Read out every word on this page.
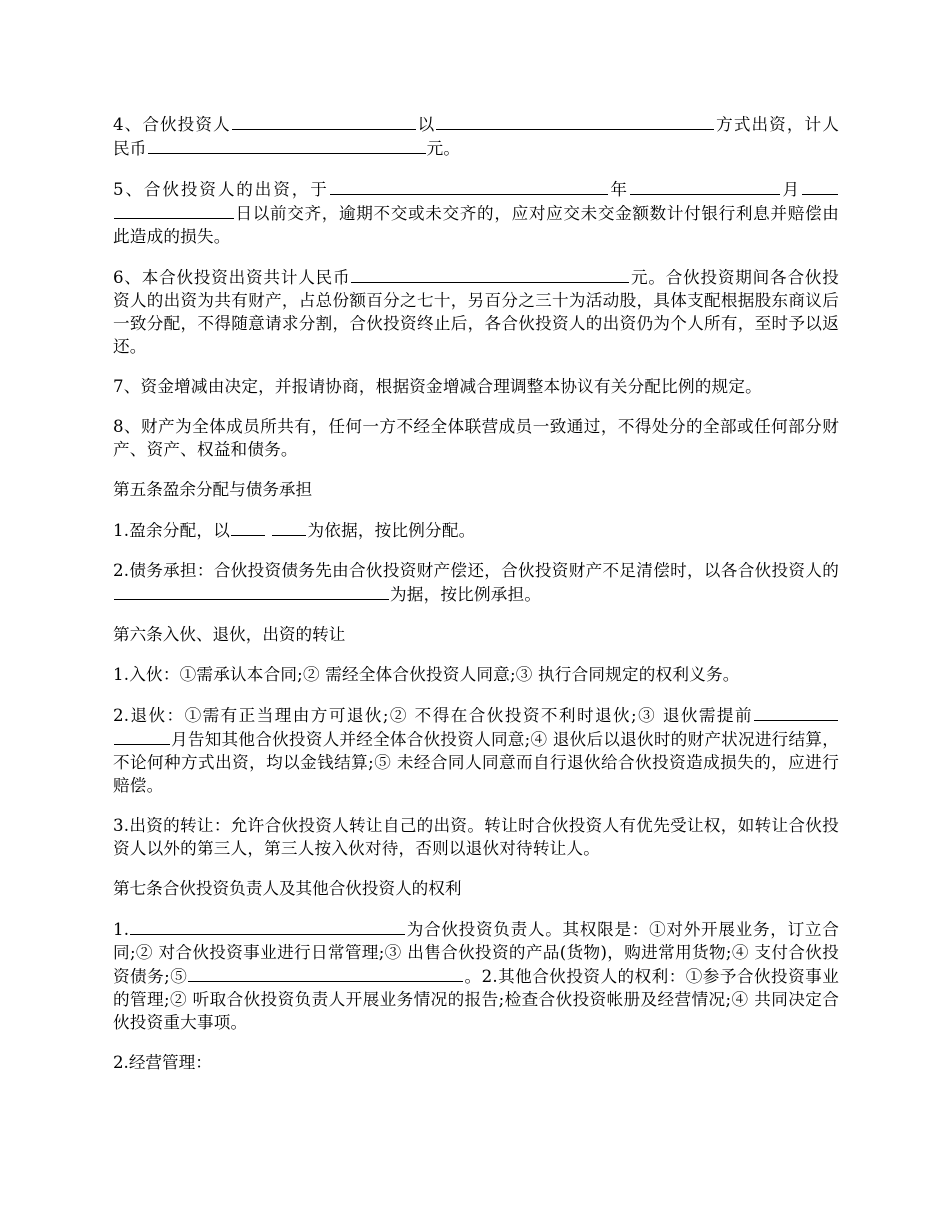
4、合伙投资人	以	方式出资，计人民币	元。

5、合伙投资人的出资，于	年	月日以前交齐，逾期不交或未交齐的，应对应交未交金额数计付银行利息并赔偿由此造成的损失。

6、本合伙投资出资共计人民币	元。合伙投资期间各合伙投资人的出资为共有财产，占总份额百分之七十，另百分之三十为活动股，具体支配根据股东商议后一致分配，不得随意请求分割，合伙投资终止后，各合伙投资人的出资仍为个人所有，至时予以返还。

7、资金增减由决定，并报请协商，根据资金增减合理调整本协议有关分配比例的规定。

8、财产为全体成员所共有，任何一方不经全体联营成员一致通过，不得处分的全部或任何部分财产、资产、权益和债务。

第五条盈余分配与债务承担

1.盈余分配，以	为依据，按比例分配。

2.债务承担：合伙投资债务先由合伙投资财产偿还，合伙投资财产不足清偿时，以各合伙投资人的为据，按比例承担。

第六条入伙、退伙，出资的转让

1.入伙：①需承认本合同;② 需经全体合伙投资人同意;③ 执行合同规定的权利义务。

2.退伙：①需有正当理由方可退伙;② 不得在合伙投资不利时退伙;③ 退伙需提前月告知其他合伙投资人并经全体合伙投资人同意;④ 退伙后以退伙时的财产状况进行结算，不论何种方式出资，均以金钱结算;⑤ 未经合同人同意而自行退伙给合伙投资造成损失的，应进行赔偿。

3.出资的转让：允许合伙投资人转让自己的出资。转让时合伙投资人有优先受让权，如转让合伙投资人以外的第三人，第三人按入伙对待，否则以退伙对待转让人。

第七条合伙投资负责人及其他合伙投资人的权利

1.	为合伙投资负责人。其权限是：①对外开展业务，订立合同;② 对合伙投资事业进行日常管理;③ 出售合伙投资的产品(货物)，购进常用货物;④ 支付合伙投资债务;⑤	。2.其他合伙投资人的权利：①参予合伙投资事业的管理;② 听取合伙投资负责人开展业务情况的报告;检查合伙投资帐册及经营情况;④ 共同决定合伙投资重大事项。

2.经营管理：
